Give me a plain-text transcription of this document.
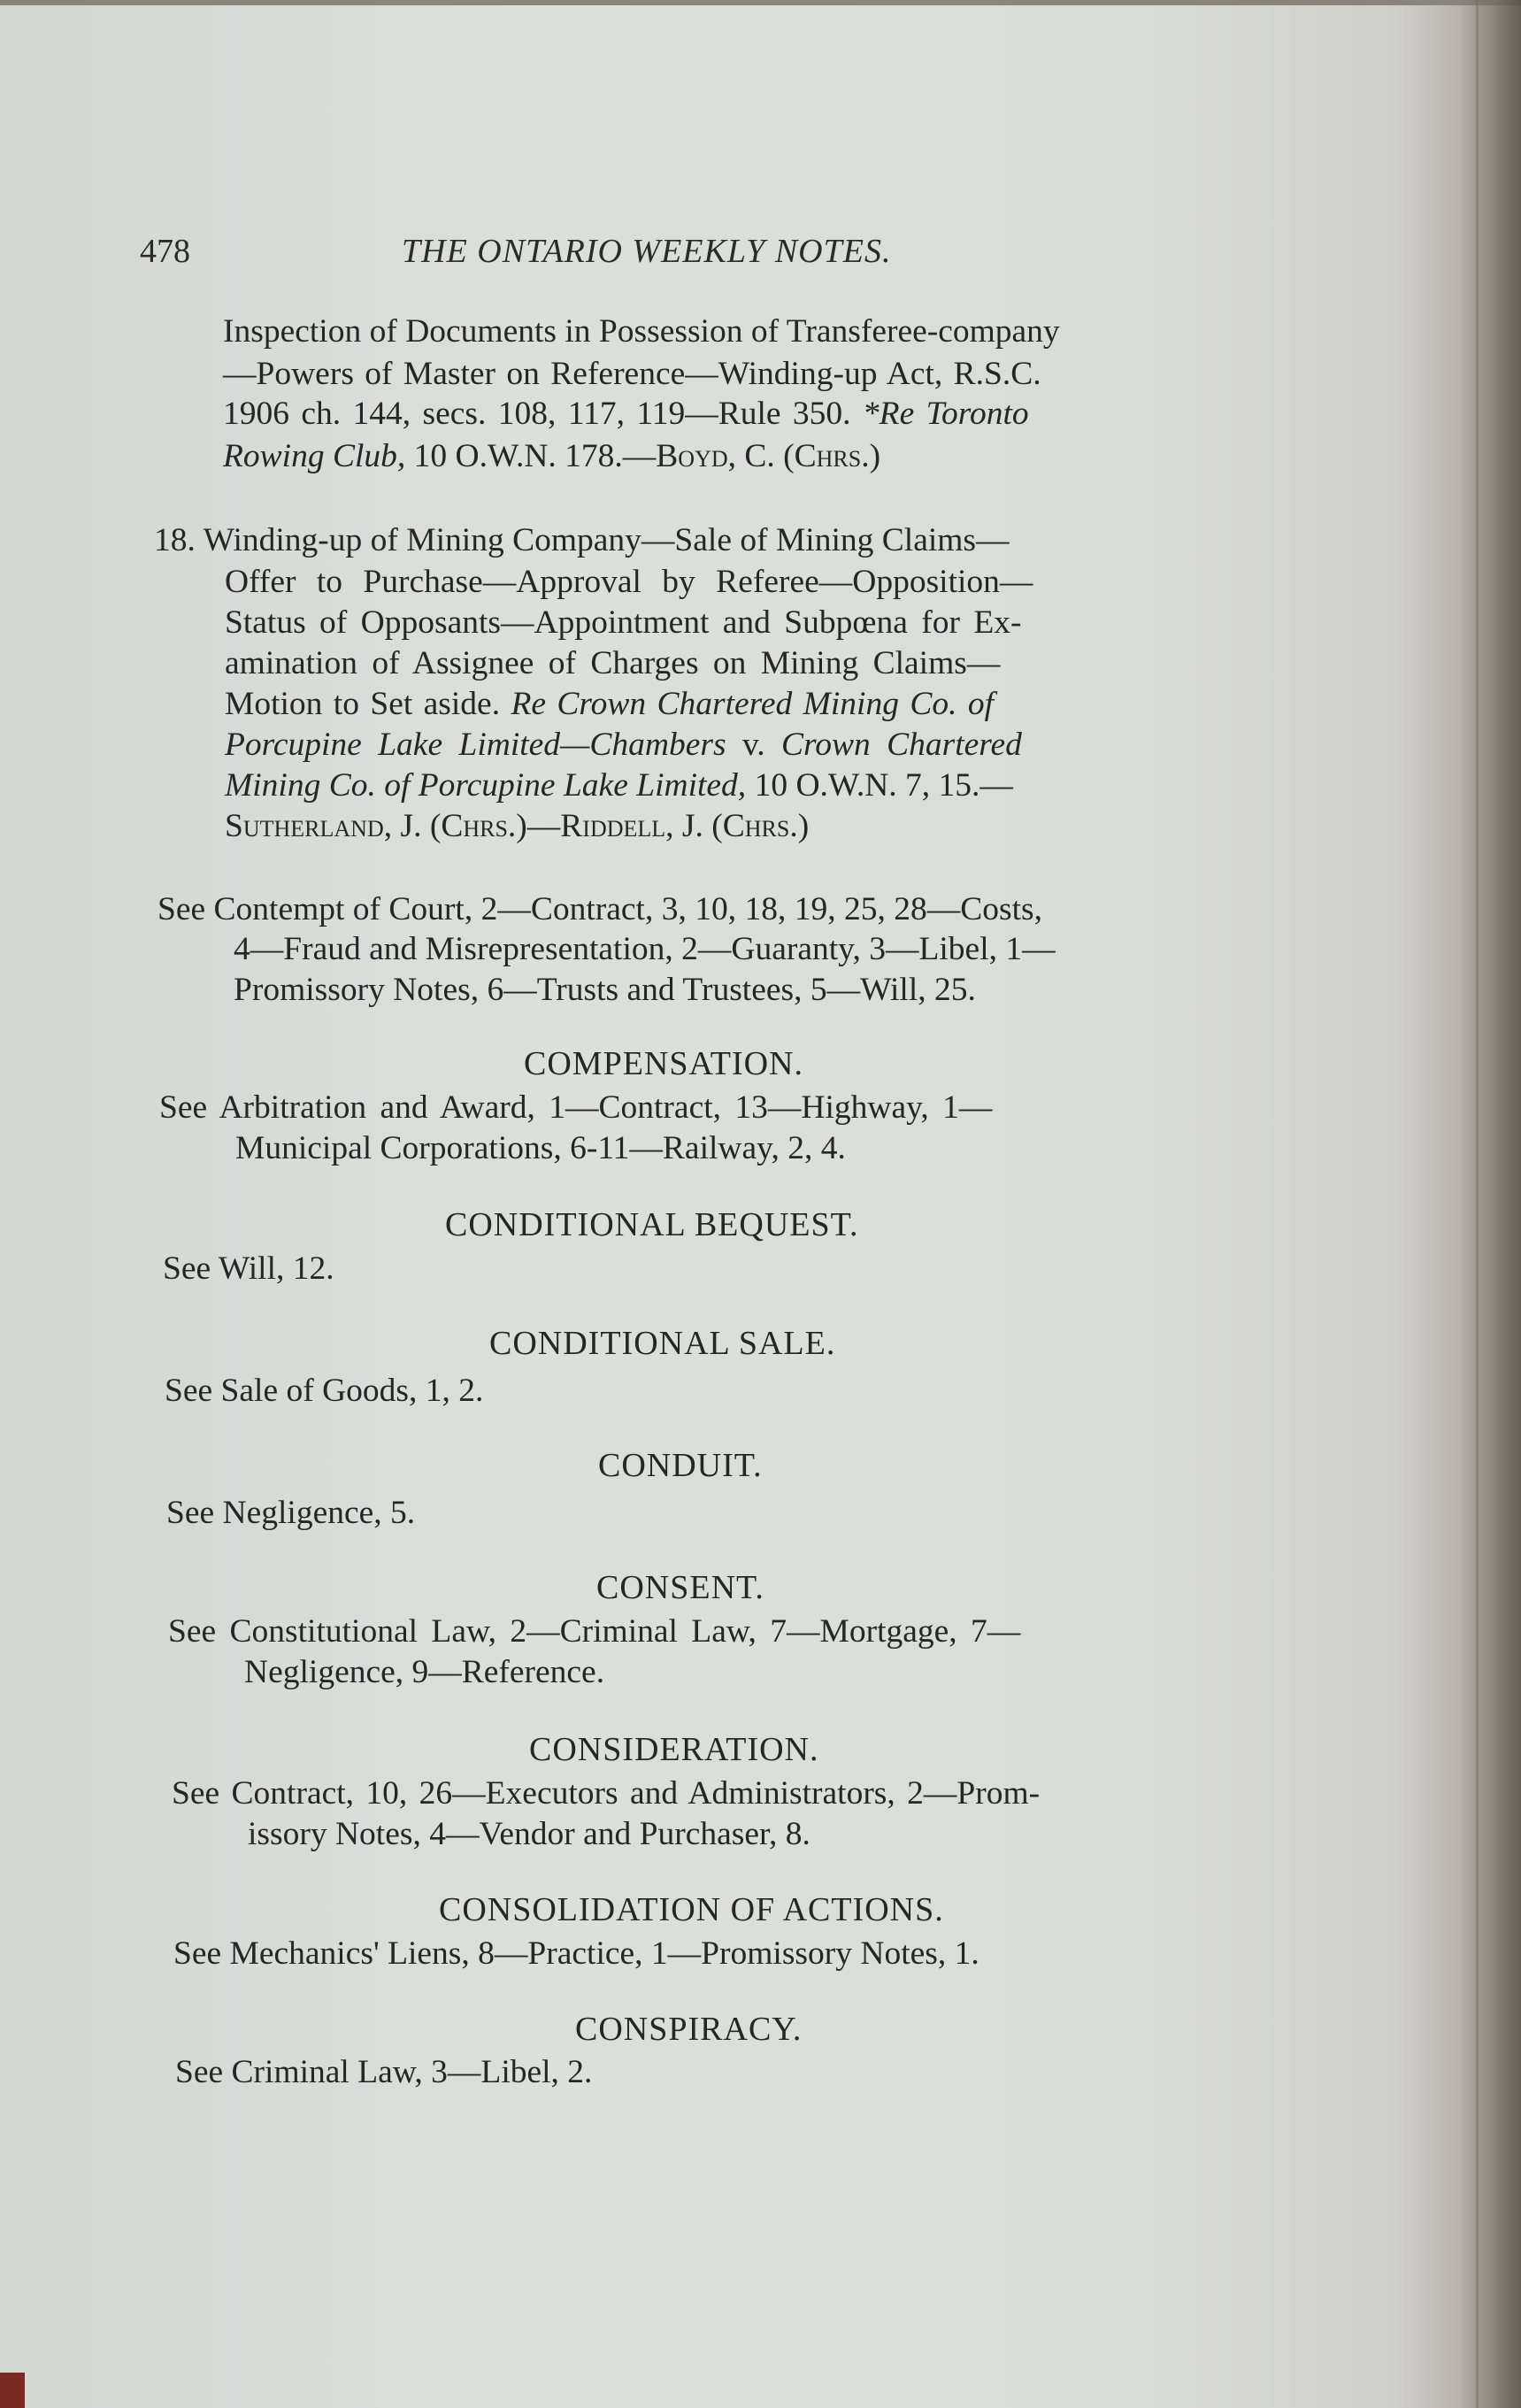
478	THE ONTARIO WEEKLY NOTES.
Inspection of Documents in Possession of Transferee-company
—Powers of Master on Reference—Winding-up Act, R.S.C.
1906 ch. 144, secs. 108, 117, 119—Rule 350. *Re Toronto
Rowing Club, 10 O.W.N. 178.—Boyd, C. (Chrs.)
18. Winding-up of Mining Company—Sale of Mining Claims—
Offer to Purchase—Approval by Referee—Opposition—
Status of Opposants—Appointment and Subpœna for Ex-
amination of Assignee of Charges on Mining Claims—
Motion to Set aside. Re Crown Chartered Mining Co. of
Porcupine Lake Limited—Chambers v. Crown Chartered
Mining Co. of Porcupine Lake Limited, 10 O.W.N. 7, 15.—
Sutherland, J. (Chrs.)—Riddell, J. (Chrs.)
See Contempt of Court, 2—Contract, 3, 10, 18, 19, 25, 28—Costs,
4—Fraud and Misrepresentation, 2—Guaranty, 3—Libel, 1—
Promissory Notes, 6—Trusts and Trustees, 5—Will, 25.
COMPENSATION.
See Arbitration and Award, 1—Contract, 13—Highway, 1—
Municipal Corporations, 6-11—Railway, 2, 4.
CONDITIONAL BEQUEST.
See Will, 12.
CONDITIONAL SALE.
See Sale of Goods, 1, 2.
CONDUIT.
See Negligence, 5.
CONSENT.
See Constitutional Law, 2—Criminal Law, 7—Mortgage, 7—
Negligence, 9—Reference.
CONSIDERATION.
See Contract, 10, 26—Executors and Administrators, 2—Prom-
issory Notes, 4—Vendor and Purchaser, 8.
CONSOLIDATION OF ACTIONS.
See Mechanics' Liens, 8—Practice, 1—Promissory Notes, 1.
CONSPIRACY.
See Criminal Law, 3—Libel, 2.
